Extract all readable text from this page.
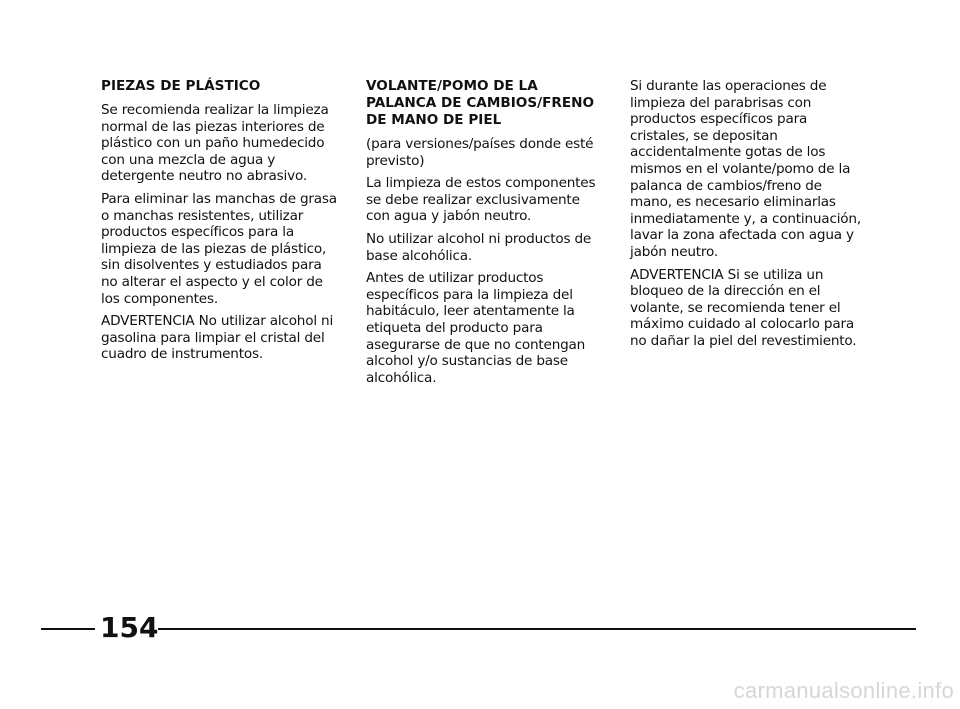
PIEZAS DE PLÁSTICO
Se recomienda realizar la limpieza normal de las piezas interiores de plástico con un paño humedecido con una mezcla de agua y detergente neutro no abrasivo.
Para eliminar las manchas de grasa o manchas resistentes, utilizar productos específicos para la limpieza de las piezas de plástico, sin disolventes y estudiados para no alterar el aspecto y el color de los componentes.
ADVERTENCIA No utilizar alcohol ni gasolina para limpiar el cristal del cuadro de instrumentos.
VOLANTE/POMO DE LA PALANCA DE CAMBIOS/FRENO DE MANO DE PIEL
(para versiones/países donde esté previsto)
La limpieza de estos componentes se debe realizar exclusivamente con agua y jabón neutro.
No utilizar alcohol ni productos de base alcohólica.
Antes de utilizar productos específicos para la limpieza del habitáculo, leer atentamente la etiqueta del producto para asegurarse de que no contengan alcohol y/o sustancias de base alcohólica.
Si durante las operaciones de limpieza del parabrisas con productos específicos para cristales, se depositan accidentalmente gotas de los mismos en el volante/pomo de la palanca de cambios/freno de mano, es necesario eliminarlas inmediatamente y, a continuación, lavar la zona afectada con agua y jabón neutro.
ADVERTENCIA Si se utiliza un bloqueo de la dirección en el volante, se recomienda tener el máximo cuidado al colocarlo para no dañar la piel del revestimiento.
154
carmanualsonline.info
